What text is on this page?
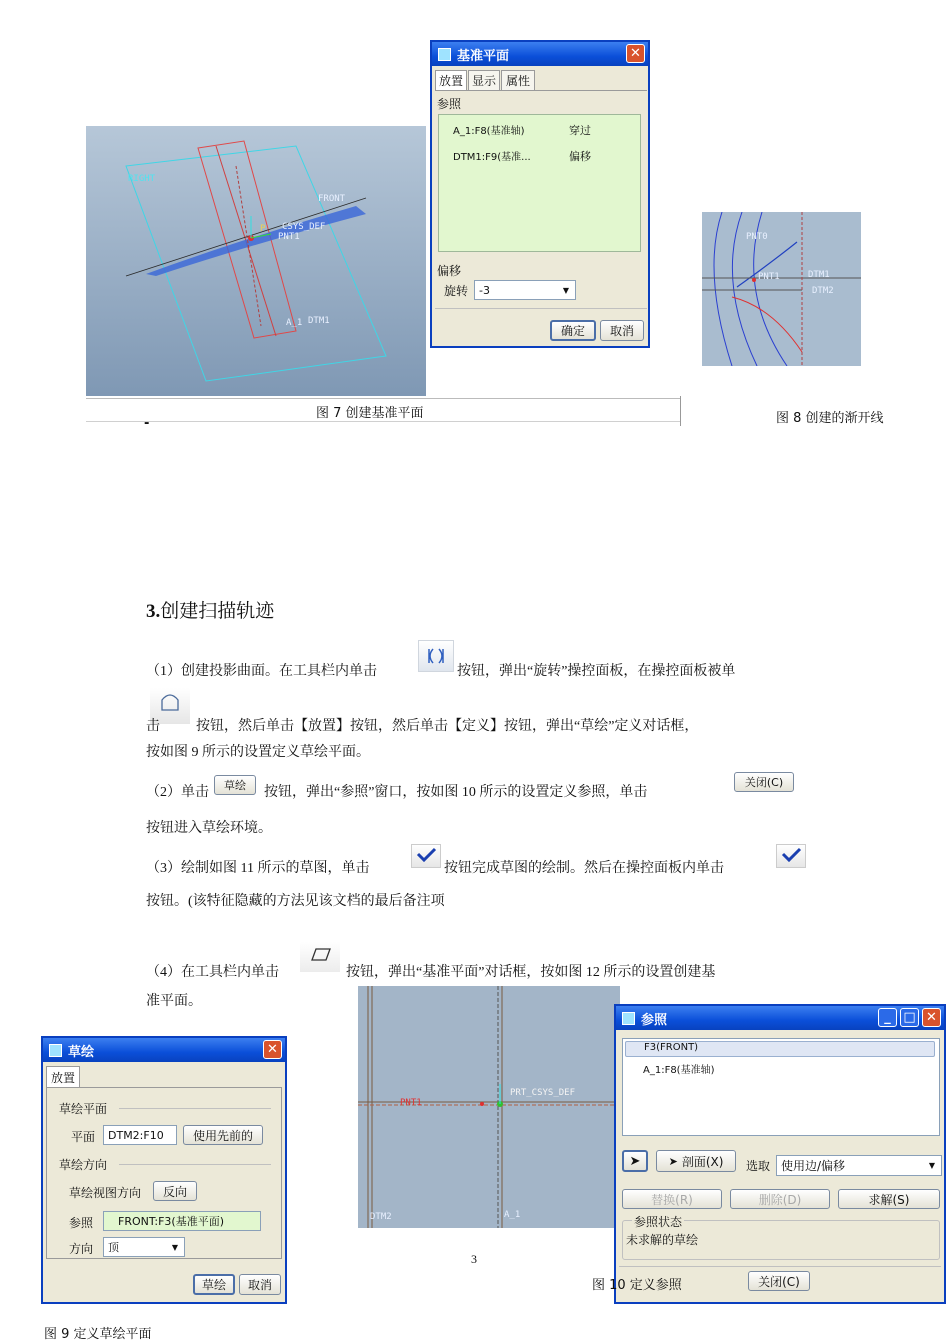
RIGHT
FRONT
CSYS_DEF
PNT1
P
DTM1
A_1
图 7 创建基准平面
-
基准平面	✕
放置 显示 属性
参照
A_1:F8(基准轴)	穿过
DTM1:F9(基准...	偏移
偏移
旋转 -3	▼
确定	取消
PNT0
PNT1	DTM1
DTM2
图 8 创建的渐开线
3.创建扫描轨迹
（1）创建投影曲面。在工具栏内单击	按钮，弹出“旋转”操控面板，在操控面板被单
击	按钮，然后单击【放置】按钮，然后单击【定义】按钮，弹出“草绘”定义对话框，
按如图 9 所示的设置定义草绘平面。
（2）单击	草绘	按钮，弹出“参照”窗口，按如图 10 所示的设置定义参照，单击
关闭(C)
按钮进入草绘环境。
（3）绘制如图 11 所示的草图，单击	按钮完成草图的绘制。然后在操控面板内单击
按钮。(该特征隐藏的方法见该文档的最后备注项
（4）在工具栏内单击	按钮，弹出“基准平面”对话框，按如图 12 所示的设置创建基
准平面。
PNT1
PRT_CSYS_DEF
DTM2	A_1
3
草绘	✕
放置
草绘平面
平面 DTM2:F10	使用先前的
草绘方向
草绘视图方向	反向
参照	FRONT:F3(基准平面)
方向 顶	▼
草绘	取消
图 9 定义草绘平面
参照	_ □ ✕
F3(FRONT)
A_1:F8(基准轴)
➤	➤ 剖面(X) 选取 使用边/偏移	▼
替换(R)	删除(D)	求解(S)
参照状态
未求解的草绘
图 10 定义参照	关闭(C)
